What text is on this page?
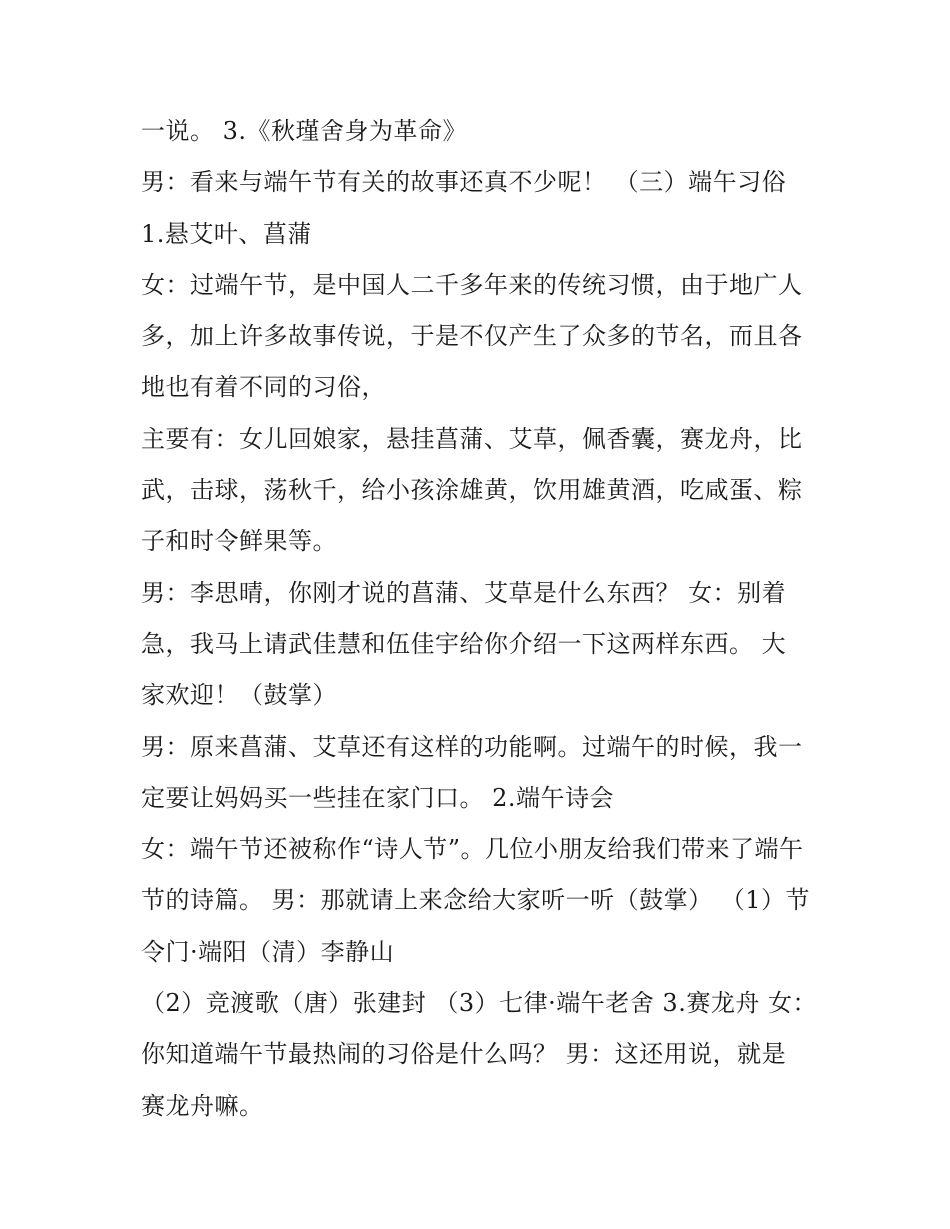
一说。 3.《秋瑾舍身为革命》
男：看来与端午节有关的故事还真不少呢！ （三）端午习俗
1.悬艾叶、菖蒲
女：过端午节，是中国人二千多年来的传统习惯，由于地广人
多，加上许多故事传说，于是不仅产生了众多的节名，而且各
地也有着不同的习俗，
主要有：女儿回娘家，悬挂菖蒲、艾草，佩香囊，赛龙舟，比
武，击球，荡秋千，给小孩涂雄黄，饮用雄黄酒，吃咸蛋、粽
子和时令鲜果等。
男：李思晴，你刚才说的菖蒲、艾草是什么东西？ 女：别着
急，我马上请武佳慧和伍佳宇给你介绍一下这两样东西。 大
家欢迎！（鼓掌）
男：原来菖蒲、艾草还有这样的功能啊。过端午的时候，我一
定要让妈妈买一些挂在家门口。 2.端午诗会
女：端午节还被称作“诗人节”。几位小朋友给我们带来了端午
节的诗篇。 男：那就请上来念给大家听一听（鼓掌） （1）节
令门·端阳（清）李静山
（2）竞渡歌（唐）张建封 （3）七律·端午老舍 3.赛龙舟 女：
你知道端午节最热闹的习俗是什么吗？ 男：这还用说，就是
赛龙舟嘛。
